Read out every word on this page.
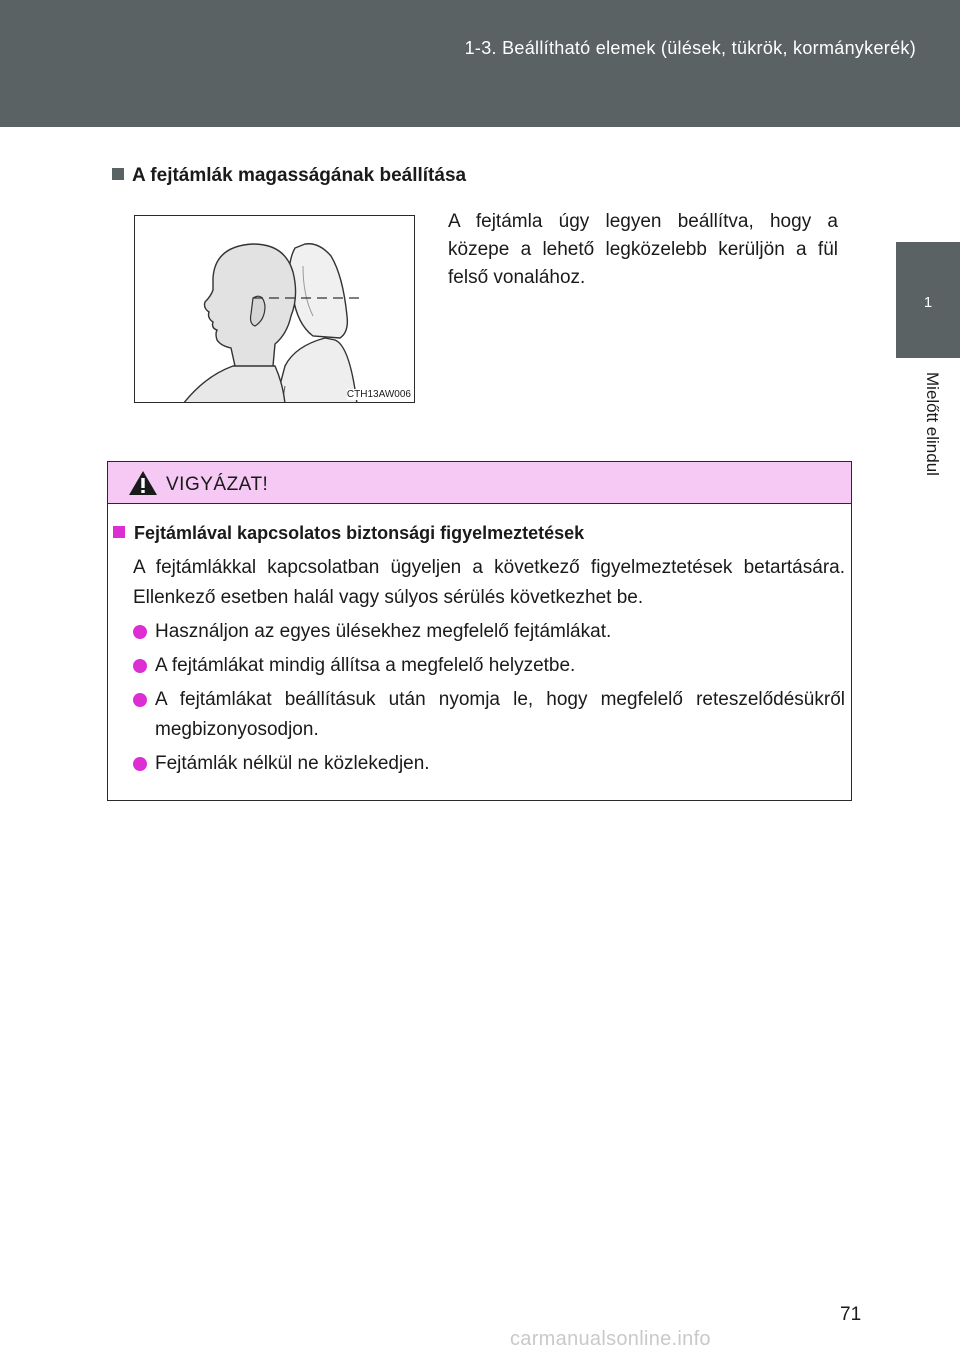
1-3. Beállítható elemek (ülések, tükrök, kormánykerék)
1
Mielőtt elindul
A fejtámlák magasságának beállítása
CTH13AW006
A fejtámla úgy legyen beállítva, hogy a közepe a lehető legközelebb kerüljön a fül felső vonalához.
VIGYÁZAT!
Fejtámlával kapcsolatos biztonsági figyelmeztetések
A fejtámlákkal kapcsolatban ügyeljen a következő figyelmeztetések betartására. Ellenkező esetben halál vagy súlyos sérülés következhet be.
Használjon az egyes ülésekhez megfelelő fejtámlákat.
A fejtámlákat mindig állítsa a megfelelő helyzetbe.
A fejtámlákat beállításuk után nyomja le, hogy megfelelő reteszelődésükről megbizonyosodjon.
Fejtámlák nélkül ne közlekedjen.
71
carmanualsonline.info
